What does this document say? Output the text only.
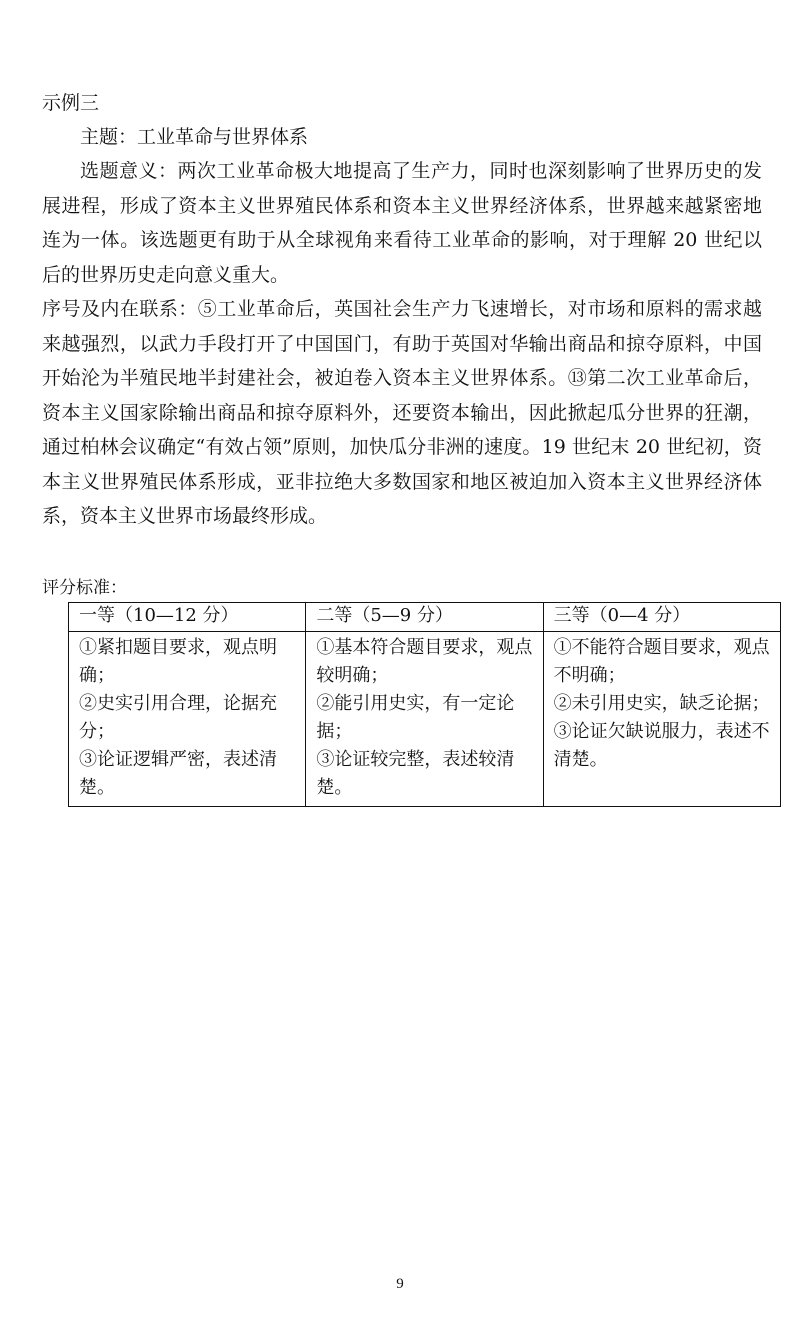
示例三

主题：工业革命与世界体系

选题意义：两次工业革命极大地提高了生产力，同时也深刻影响了世界历史的发展进程，形成了资本主义世界殖民体系和资本主义世界经济体系，世界越来越紧密地连为一体。该选题更有助于从全球视角来看待工业革命的影响，对于理解 20 世纪以后的世界历史走向意义重大。

序号及内在联系：⑤工业革命后，英国社会生产力飞速增长，对市场和原料的需求越来越强烈，以武力手段打开了中国国门，有助于英国对华输出商品和掠夺原料，中国开始沦为半殖民地半封建社会，被迫卷入资本主义世界体系。⑬第二次工业革命后，资本主义国家除输出商品和掠夺原料外，还要资本输出，因此掀起瓜分世界的狂潮，通过柏林会议确定“有效占领”原则，加快瓜分非洲的速度。19 世纪末 20 世纪初，资本主义世界殖民体系形成，亚非拉绝大多数国家和地区被迫加入资本主义世界经济体系，资本主义世界市场最终形成。

评分标准：

一等（10—12 分）	二等（5—9 分）	三等（0—4 分）

①紧扣题目要求，观点明确；
②史实引用合理，论据充分；
③论证逻辑严密，表述清楚。	①基本符合题目要求，观点较明确；
②能引用史实，有一定论据；
③论证较完整，表述较清楚。	①不能符合题目要求，观点不明确；
②未引用史实，缺乏论据；
③论证欠缺说服力，表述不清楚。
9
